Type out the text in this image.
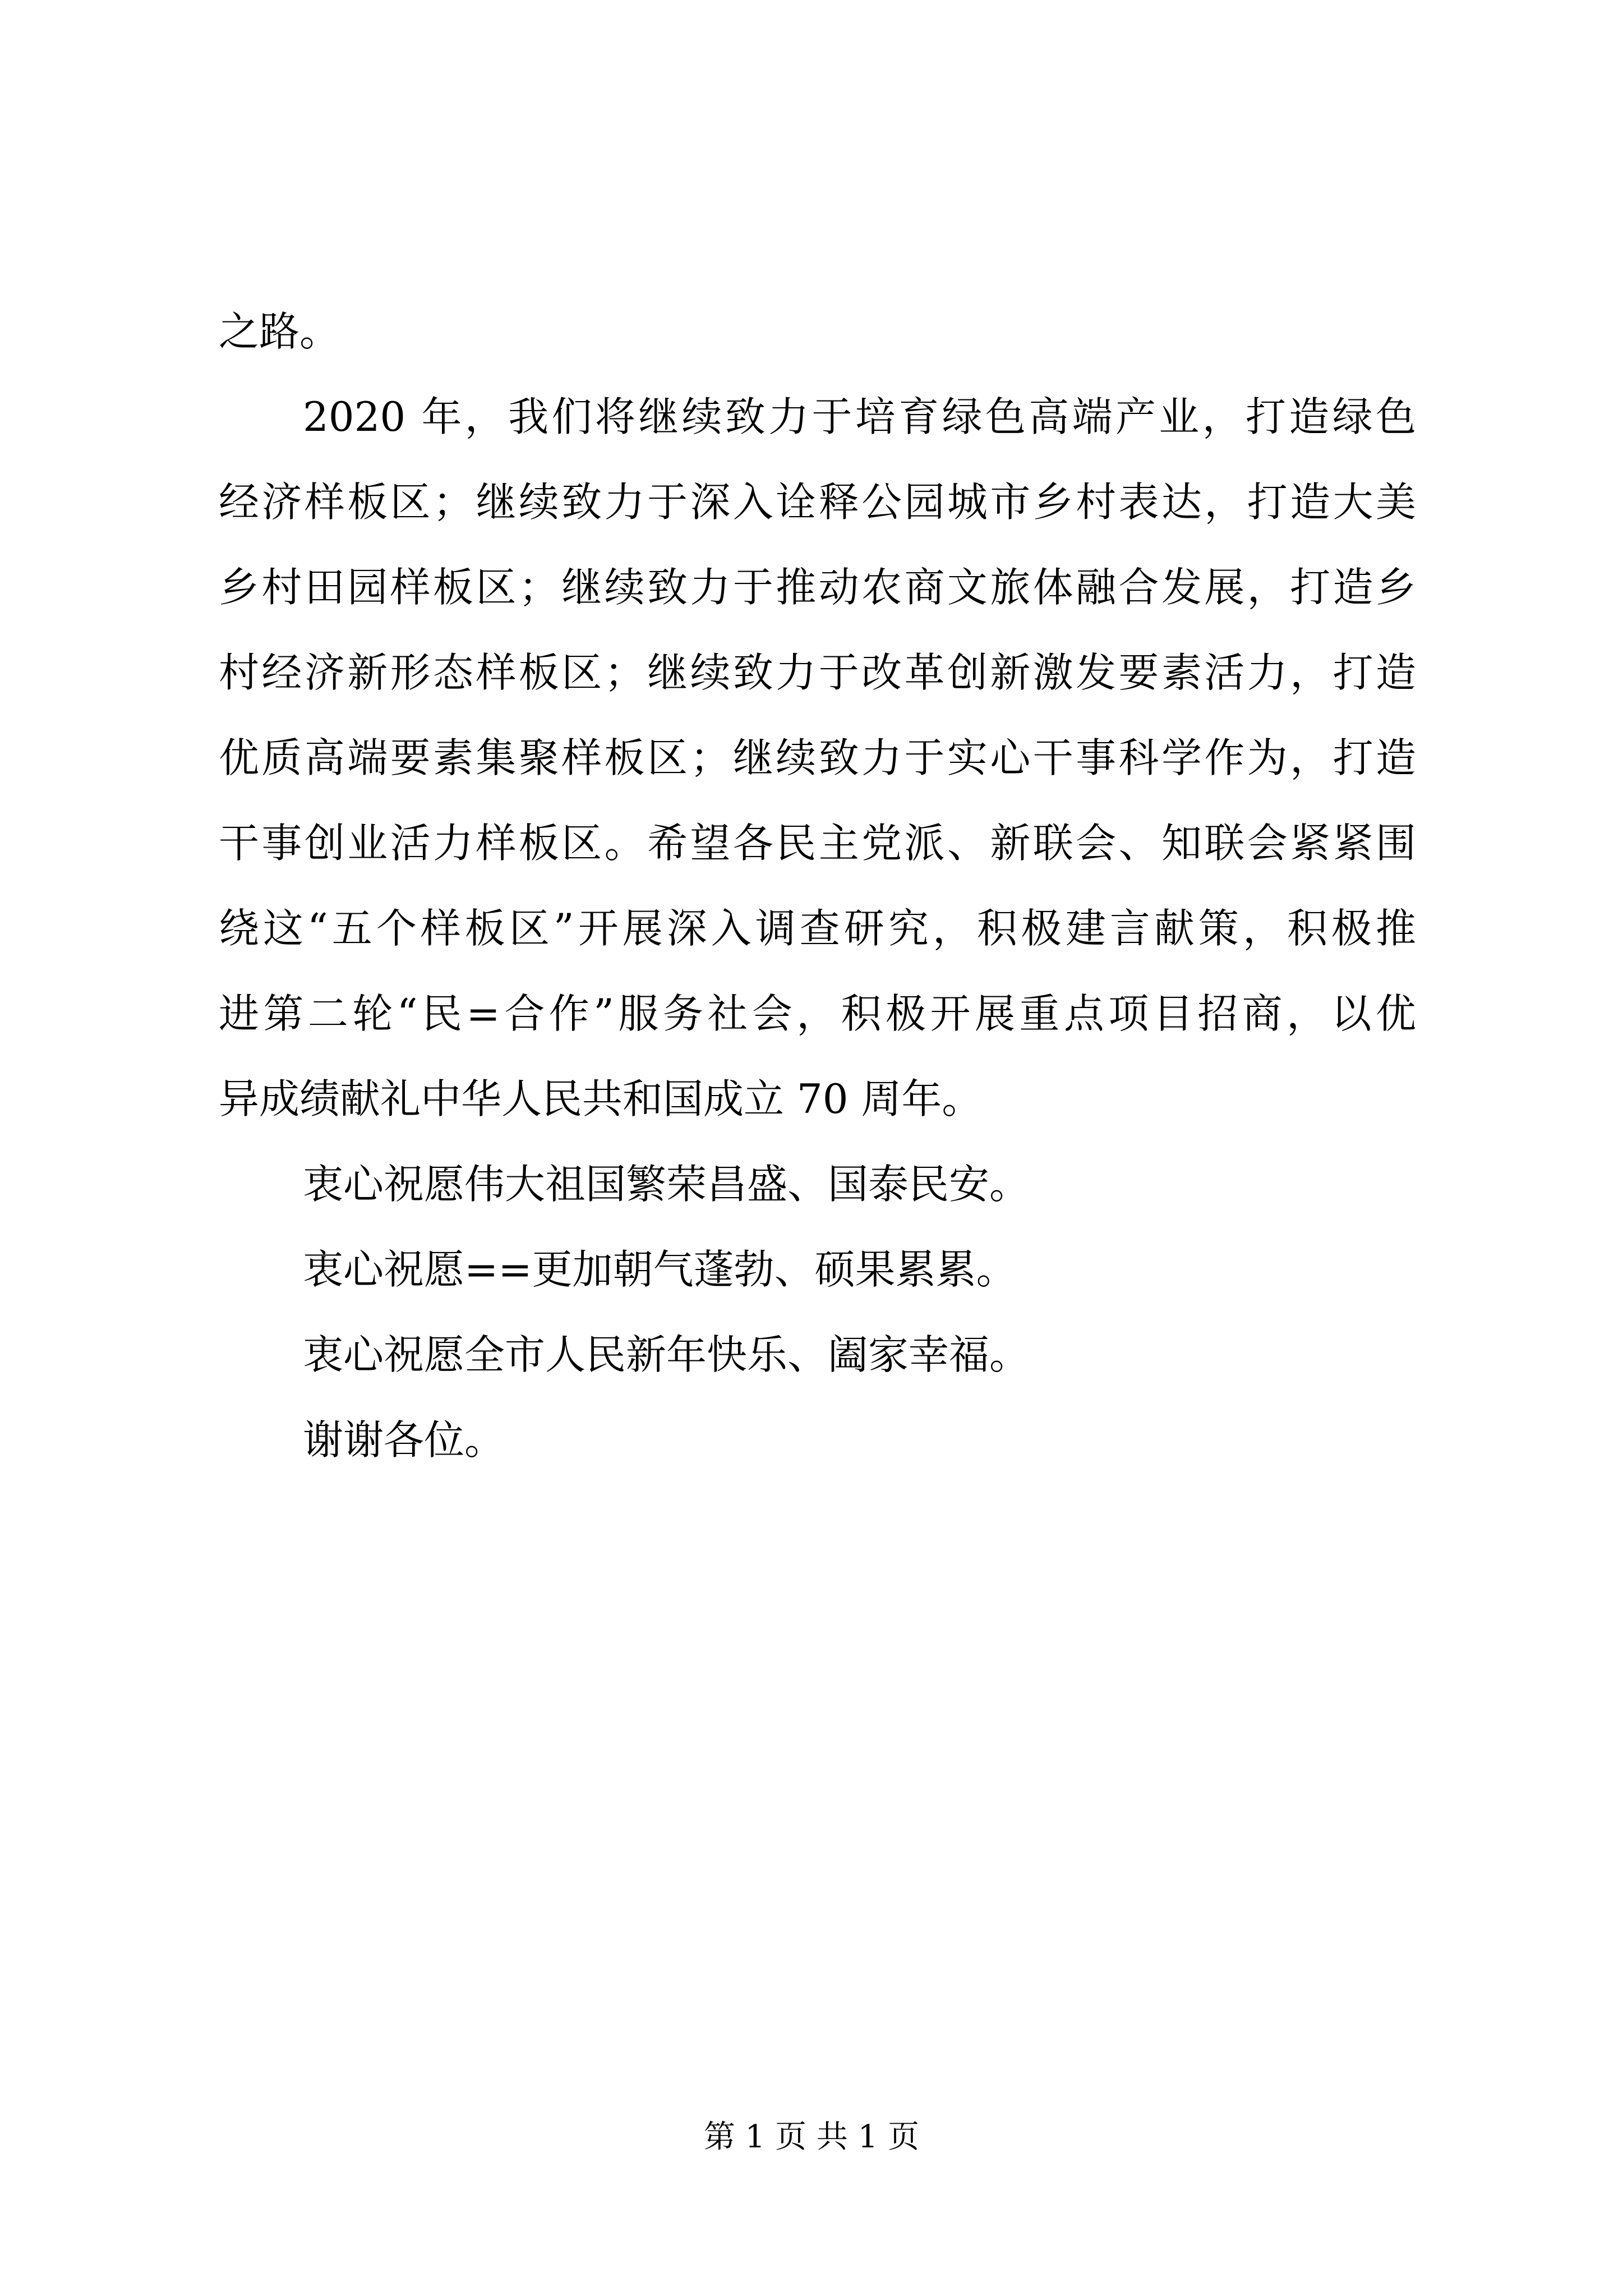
之路。
2020 年，我们将继续致力于培育绿色高端产业，打造绿色
经济样板区；继续致力于深入诠释公园城市乡村表达，打造大美
乡村田园样板区；继续致力于推动农商文旅体融合发展，打造乡
村经济新形态样板区；继续致力于改革创新激发要素活力，打造
优质高端要素集聚样板区；继续致力于实心干事科学作为，打造
干事创业活力样板区。希望各民主党派、新联会、知联会紧紧围
绕这“五个样板区”开展深入调查研究，积极建言献策，积极推
进第二轮“民=合作”服务社会，积极开展重点项目招商，以优
异成绩献礼中华人民共和国成立 70 周年。
衷心祝愿伟大祖国繁荣昌盛、国泰民安。
衷心祝愿==更加朝气蓬勃、硕果累累。
衷心祝愿全市人民新年快乐、阖家幸福。
谢谢各位。
第 1 页 共 1 页
